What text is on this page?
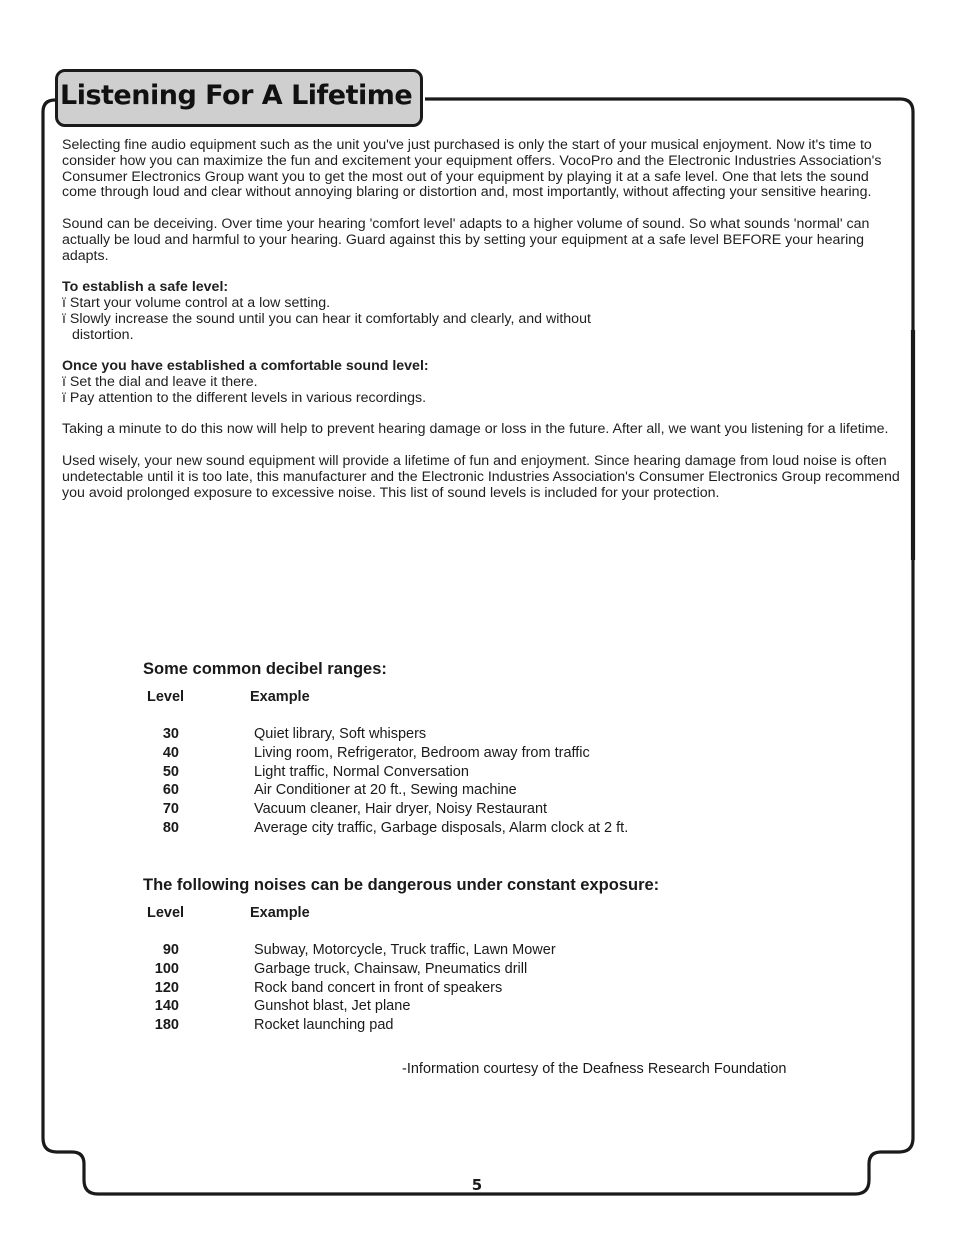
Listening For A Lifetime

Selecting fine audio equipment such as the unit you've just purchased is only the start of your musical enjoyment. Now it's time to consider how you can maximize the fun and excitement your equipment offers. VocoPro and the Electronic Industries Association's Consumer Electronics Group want you to get the most out of your equipment by playing it at a safe level. One that lets the sound come through loud and clear without annoying blaring or distortion and, most importantly, without affecting your sensitive hearing.

Sound can be deceiving. Over time your hearing 'comfort level' adapts to a higher volume of sound. So what sounds 'normal' can actually be loud and harmful to your hearing. Guard against this by setting your equipment at a safe level BEFORE your hearing adapts.

To establish a safe level:
ï Start your volume control at a low setting.
ï Slowly increase the sound until you can hear it comfortably and clearly, and without

distortion.

Once you have established a comfortable sound level:
ï Set the dial and leave it there.
ï Pay attention to the different levels in various recordings.

Taking a minute to do this now will help to prevent hearing damage or loss in the future. After all, we want you listening for a lifetime.

Used wisely, your new sound equipment will provide a lifetime of fun and enjoyment. Since hearing damage from loud noise is often undetectable until it is too late, this manufacturer and the Electronic Industries Association's Consumer Electronics Group recommend you avoid prolonged exposure to excessive noise. This list of sound levels is included for your protection.

Some common decibel ranges:
Level	Example
30	Quiet library, Soft whispers
40	Living room, Refrigerator, Bedroom away from traffic
50	Light traffic, Normal Conversation
60	Air Conditioner at 20 ft., Sewing machine
70	Vacuum cleaner, Hair dryer, Noisy Restaurant
80	Average city traffic, Garbage disposals, Alarm clock at 2 ft.
The following noises can be dangerous under constant exposure:
Level	Example
90	Subway, Motorcycle, Truck traffic, Lawn Mower
100	Garbage truck, Chainsaw, Pneumatics drill
120	Rock band concert in front of speakers
140	Gunshot blast, Jet plane
180	Rocket launching pad
-Information courtesy of the Deafness Research Foundation
5
